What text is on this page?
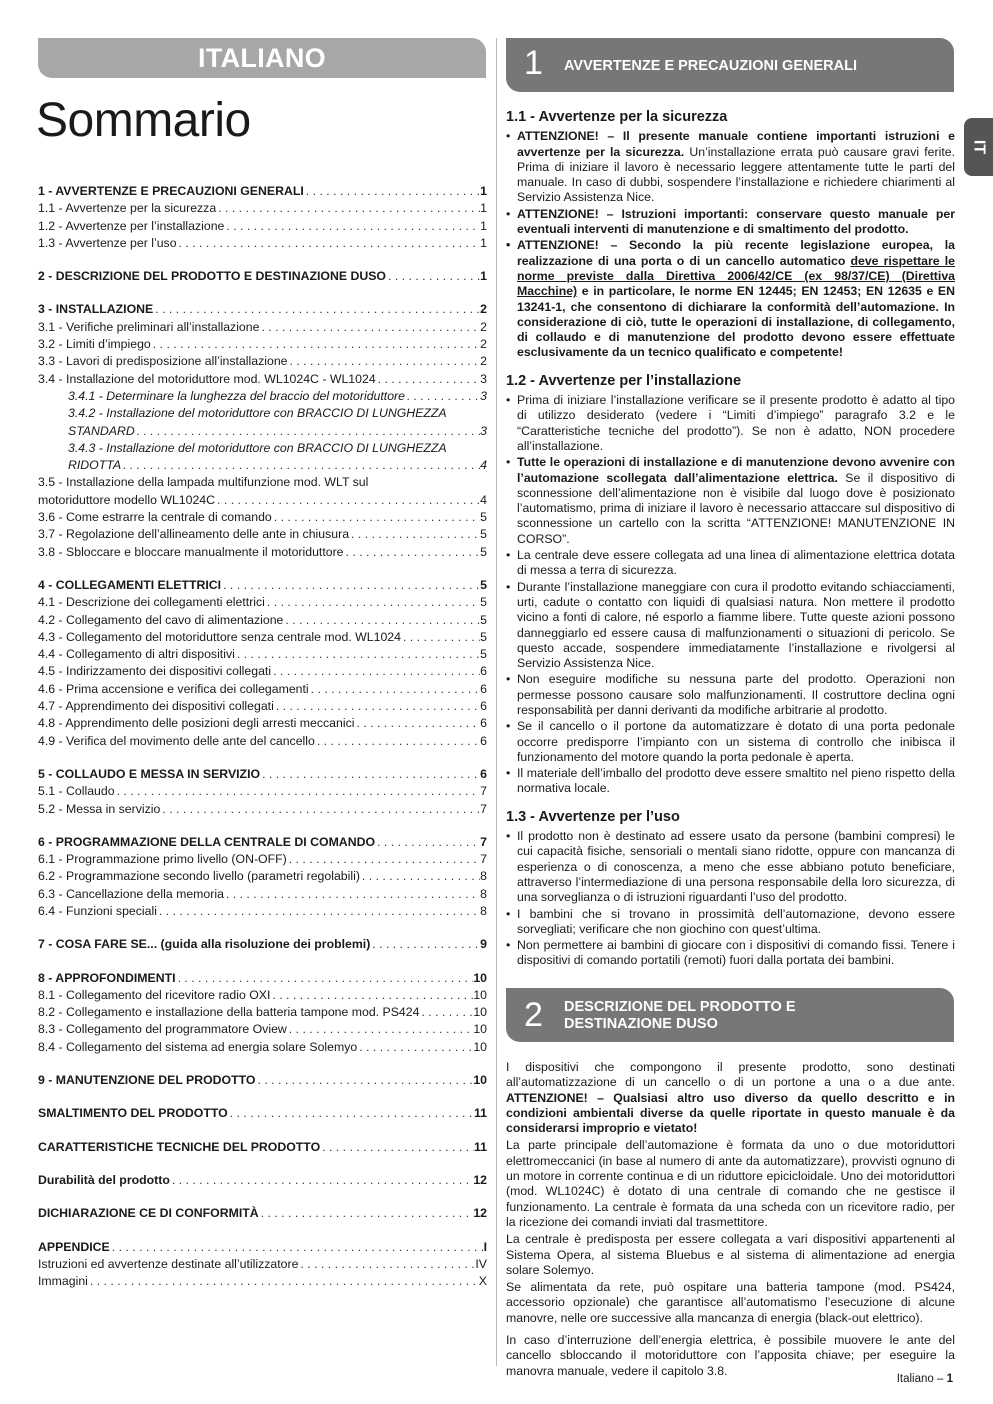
ITALIANO
Sommario
1 - AVVERTENZE E PRECAUZIONI GENERALI . . .	1
1.1 - Avvertenze per la sicurezza . . .	1
1.2 - Avvertenze per l’installazione . . .	1
1.3 - Avvertenze per l’uso . . .	1
2 - DESCRIZIONE DEL PRODOTTO E DESTINAZIONE DUSO . . .	1
3 - INSTALLAZIONE . . .	2
3.1 - Verifiche preliminari all’installazione . . .	2
3.2 - Limiti d’impiego . . .	2
3.3 - Lavori di predisposizione all’installazione . . .	2
3.4 - Installazione del motoriduttore mod. WL1024C - WL1024 . . .	3
3.4.1 - Determinare la lunghezza del braccio del motoriduttore . . .	3
3.4.2 - Installazione del motoriduttore con BRACCIO DI LUNGHEZZA
STANDARD . . .	3
3.4.3 - Installazione del motoriduttore con BRACCIO DI LUNGHEZZA
RIDOTTA . . .	4
3.5 - Installazione della lampada multifunzione mod. WLT sul
motoriduttore modello WL1024C . . .	4
3.6 - Come estrarre la centrale di comando . . .	5
3.7 - Regolazione dell’allineamento delle ante in chiusura . . .	5
3.8 - Sbloccare e bloccare manualmente il motoriduttore . . .	5
4 - COLLEGAMENTI ELETTRICI . . .	5
4.1 - Descrizione dei collegamenti elettrici . . .	5
4.2 - Collegamento del cavo di alimentazione . . .	5
4.3 - Collegamento del motoriduttore senza centrale mod. WL1024 . . .	5
4.4 - Collegamento di altri dispositivi . . .	5
4.5 - Indirizzamento dei dispositivi collegati . . .	6
4.6 - Prima accensione e verifica dei collegamenti . . .	6
4.7 - Apprendimento dei dispositivi collegati . . .	6
4.8 - Apprendimento delle posizioni degli arresti meccanici . . .	6
4.9 - Verifica del movimento delle ante del cancello . . .	6
5 - COLLAUDO E MESSA IN SERVIZIO . . .	6
5.1 - Collaudo . . .	7
5.2 - Messa in servizio . . .	7
6 - PROGRAMMAZIONE DELLA CENTRALE DI COMANDO . . .	7
6.1 - Programmazione primo livello (ON-OFF) . . .	7
6.2 - Programmazione secondo livello (parametri regolabili) . . .	8
6.3 - Cancellazione della memoria . . .	8
6.4 - Funzioni speciali . . .	8
7 - COSA FARE SE... (guida alla risoluzione dei problemi) . . .	9
8 - APPROFONDIMENTI . . .	10
8.1 - Collegamento del ricevitore radio OXI . . .	10
8.2 - Collegamento e installazione della batteria tampone mod. PS424 . . .	10
8.3 - Collegamento del programmatore Oview . . .	10
8.4 - Collegamento del sistema ad energia solare Solemyo . . .	10
9 - MANUTENZIONE DEL PRODOTTO . . .	10
SMALTIMENTO DEL PRODOTTO . . .	11
CARATTERISTICHE TECNICHE DEL PRODOTTO . . .	11
Durabilità del prodotto . . .	12
DICHIARAZIONE CE DI CONFORMITÀ . . .	12
APPENDICE . . .	I
Istruzioni ed avvertenze destinate all’utilizzatore . . .	IV
Immagini . . .	X
IT
1 AVVERTENZE E PRECAUZIONI GENERALI
1.1 - Avvertenze per la sicurezza
• ATTENZIONE! – Il presente manuale contiene importanti istruzioni e avvertenze per la sicurezza. Un’installazione errata può causare gravi ferite. Prima di iniziare il lavoro è necessario leggere attentamente tutte le parti del manuale. In caso di dubbi, sospendere l’installazione e richiedere chiarimenti al Servizio Assistenza Nice.
• ATTENZIONE! – Istruzioni importanti: conservare questo manuale per eventuali interventi di manutenzione e di smaltimento del prodotto.
• ATTENZIONE! – Secondo la più recente legislazione europea, la realizzazione di una porta o di un cancello automatico deve rispettare le norme previste dalla Direttiva 2006/42/CE (ex 98/37/CE) (Direttiva Macchine) e in particolare, le norme EN 12445; EN 12453; EN 12635 e EN 13241-1, che consentono di dichiarare la conformità dell’automazione. In considerazione di ciò, tutte le operazioni di installazione, di collegamento, di collaudo e di manutenzione del prodotto devono essere effettuate esclusivamente da un tecnico qualificato e competente!
1.2 - Avvertenze per l’installazione
• Prima di iniziare l’installazione verificare se il presente prodotto è adatto al tipo di utilizzo desiderato (vedere i “Limiti d’impiego” paragrafo 3.2 e le “Caratteristiche tecniche del prodotto”). Se non è adatto, NON procedere all’installazione.
• Tutte le operazioni di installazione e di manutenzione devono avvenire con l’automazione scollegata dall’alimentazione elettrica. Se il dispositivo di sconnessione dell’alimentazione non è visibile dal luogo dove è posizionato l’automatismo, prima di iniziare il lavoro è necessario attaccare sul dispositivo di sconnessione un cartello con la scritta “ATTENZIONE! MANUTENZIONE IN CORSO”.
• La centrale deve essere collegata ad una linea di alimentazione elettrica dotata di messa a terra di sicurezza.
• Durante l’installazione maneggiare con cura il prodotto evitando schiacciamenti, urti, cadute o contatto con liquidi di qualsiasi natura. Non mettere il prodotto vicino a fonti di calore, né esporlo a fiamme libere. Tutte queste azioni possono danneggiarlo ed essere causa di malfunzionamenti o situazioni di pericolo. Se questo accade, sospendere immediatamente l’installazione e rivolgersi al Servizio Assistenza Nice.
• Non eseguire modifiche su nessuna parte del prodotto. Operazioni non permesse possono causare solo malfunzionamenti. Il costruttore declina ogni responsabilità per danni derivanti da modifiche arbitrarie al prodotto.
• Se il cancello o il portone da automatizzare è dotato di una porta pedonale occorre predisporre l’impianto con un sistema di controllo che inibisca il funzionamento del motore quando la porta pedonale è aperta.
• Il materiale dell’imballo del prodotto deve essere smaltito nel pieno rispetto della normativa locale.
1.3 - Avvertenze per l’uso
• Il prodotto non è destinato ad essere usato da persone (bambini compresi) le cui capacità fisiche, sensoriali o mentali siano ridotte, oppure con mancanza di esperienza o di conoscenza, a meno che esse abbiano potuto beneficiare, attraverso l’intermediazione di una persona responsabile della loro sicurezza, di una sorveglianza o di istruzioni riguardanti l’uso del prodotto.
• I bambini che si trovano in prossimità dell’automazione, devono essere sorvegliati; verificare che non giochino con quest’ultima.
• Non permettere ai bambini di giocare con i dispositivi di comando fissi. Tenere i dispositivi di comando portatili (remoti) fuori dalla portata dei bambini.
2 DESCRIZIONE DEL PRODOTTO E
DESTINAZIONE DUSO

I dispositivi che compongono il presente prodotto, sono destinati all’automatizzazione di un cancello o di un portone a una o a due ante. ATTENZIONE! – Qualsiasi altro uso diverso da quello descritto e in condizioni ambientali diverse da quelle riportate in questo manuale è da considerarsi improprio e vietato!

La parte principale dell’automazione è formata da uno o due motoriduttori elettromeccanici (in base al numero di ante da automatizzare), provvisti ognuno di un motore in corrente continua e di un riduttore epicicloidale. Uno dei motoriduttori (mod. WL1024C) è dotato di una centrale di comando che ne gestisce il funzionamento. La centrale è formata da una scheda con un ricevitore radio, per la ricezione dei comandi inviati dal trasmettitore.

La centrale è predisposta per essere collegata a vari dispositivi appartenenti al Sistema Opera, al sistema Bluebus e al sistema di alimentazione ad energia solare Solemyo.

Se alimentata da rete, può ospitare una batteria tampone (mod. PS424, accessorio opzionale) che garantisce all’automatismo l’esecuzione di alcune manovre, nelle ore successive alla mancanza di energia (black-out elettrico).

In caso d’interruzione dell’energia elettrica, è possibile muovere le ante del cancello sbloccando il motoriduttore con l’apposita chiave; per eseguire la manovra manuale, vedere il capitolo 3.8.

Italiano – 1
